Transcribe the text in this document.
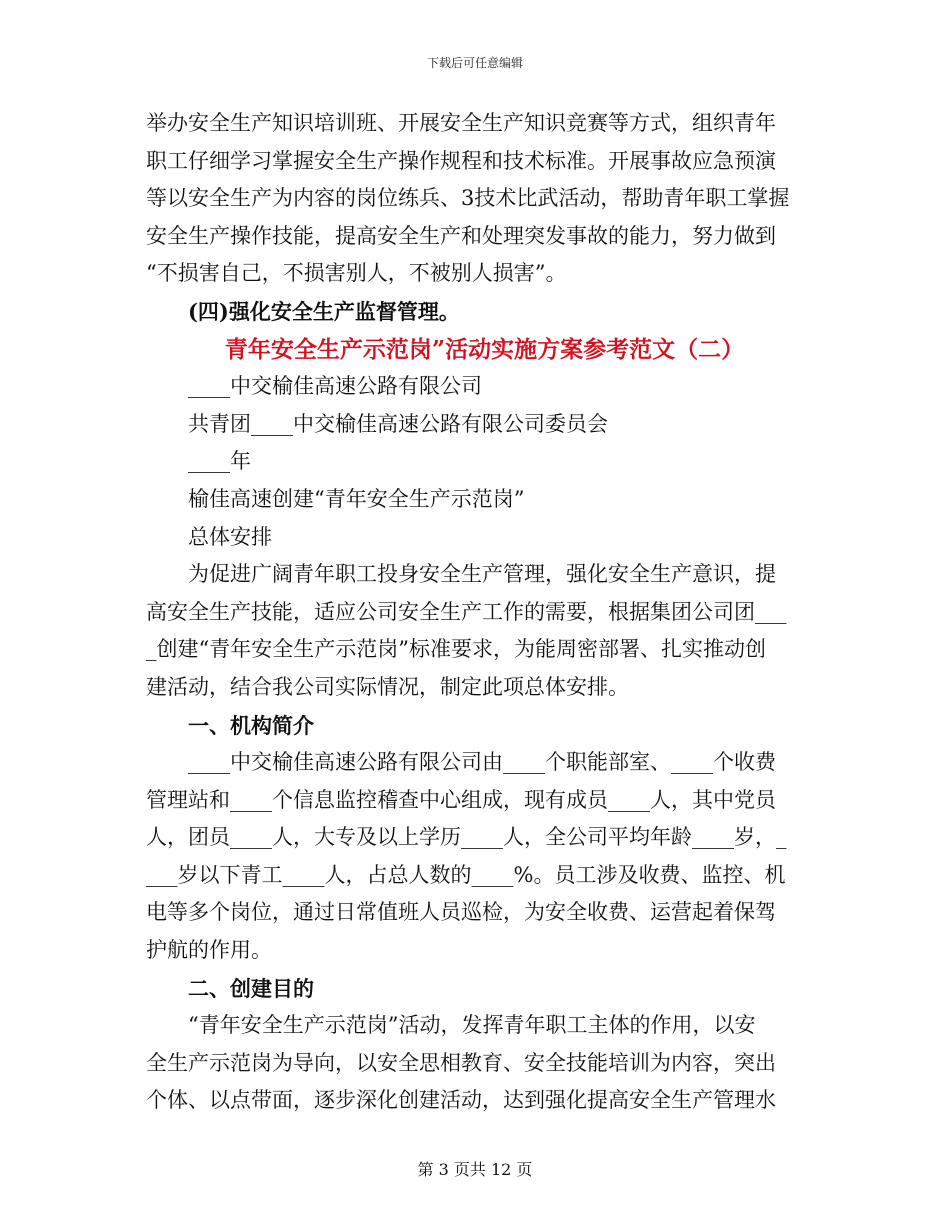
下载后可任意编辑
举办安全生产知识培训班、开展安全生产知识竞赛等方式，组织青年
职工仔细学习掌握安全生产操作规程和技术标准。开展事故应急预演
等以安全生产为内容的岗位练兵、3技术比武活动，帮助青年职工掌握
安全生产操作技能，提高安全生产和处理突发事故的能力，努力做到
“不损害自己，不损害别人，不被别人损害”。
(四)强化安全生产监督管理。
青年安全生产示范岗”活动实施方案参考范文（二）
____中交榆佳高速公路有限公司
共青团____中交榆佳高速公路有限公司委员会
____年
榆佳高速创建“青年安全生产示范岗”
总体安排
为促进广阔青年职工投身安全生产管理，强化安全生产意识，提
高安全生产技能，适应公司安全生产工作的需要，根据集团公司团___
_创建“青年安全生产示范岗”标准要求，为能周密部署、扎实推动创
建活动，结合我公司实际情况，制定此项总体安排。
一、机构简介
____中交榆佳高速公路有限公司由____个职能部室、____个收费
管理站和____个信息监控稽查中心组成，现有成员____人，其中党员
人，团员____人，大专及以上学历____人，全公司平均年龄____岁，_
___岁以下青工____人，占总人数的____%。员工涉及收费、监控、机
电等多个岗位，通过日常值班人员巡检，为安全收费、运营起着保驾
护航的作用。
二、创建目的
“青年安全生产示范岗”活动，发挥青年职工主体的作用，以安
全生产示范岗为导向，以安全思相教育、安全技能培训为内容，突出
个体、以点带面，逐步深化创建活动，达到强化提高安全生产管理水
第 3 页共 12 页
